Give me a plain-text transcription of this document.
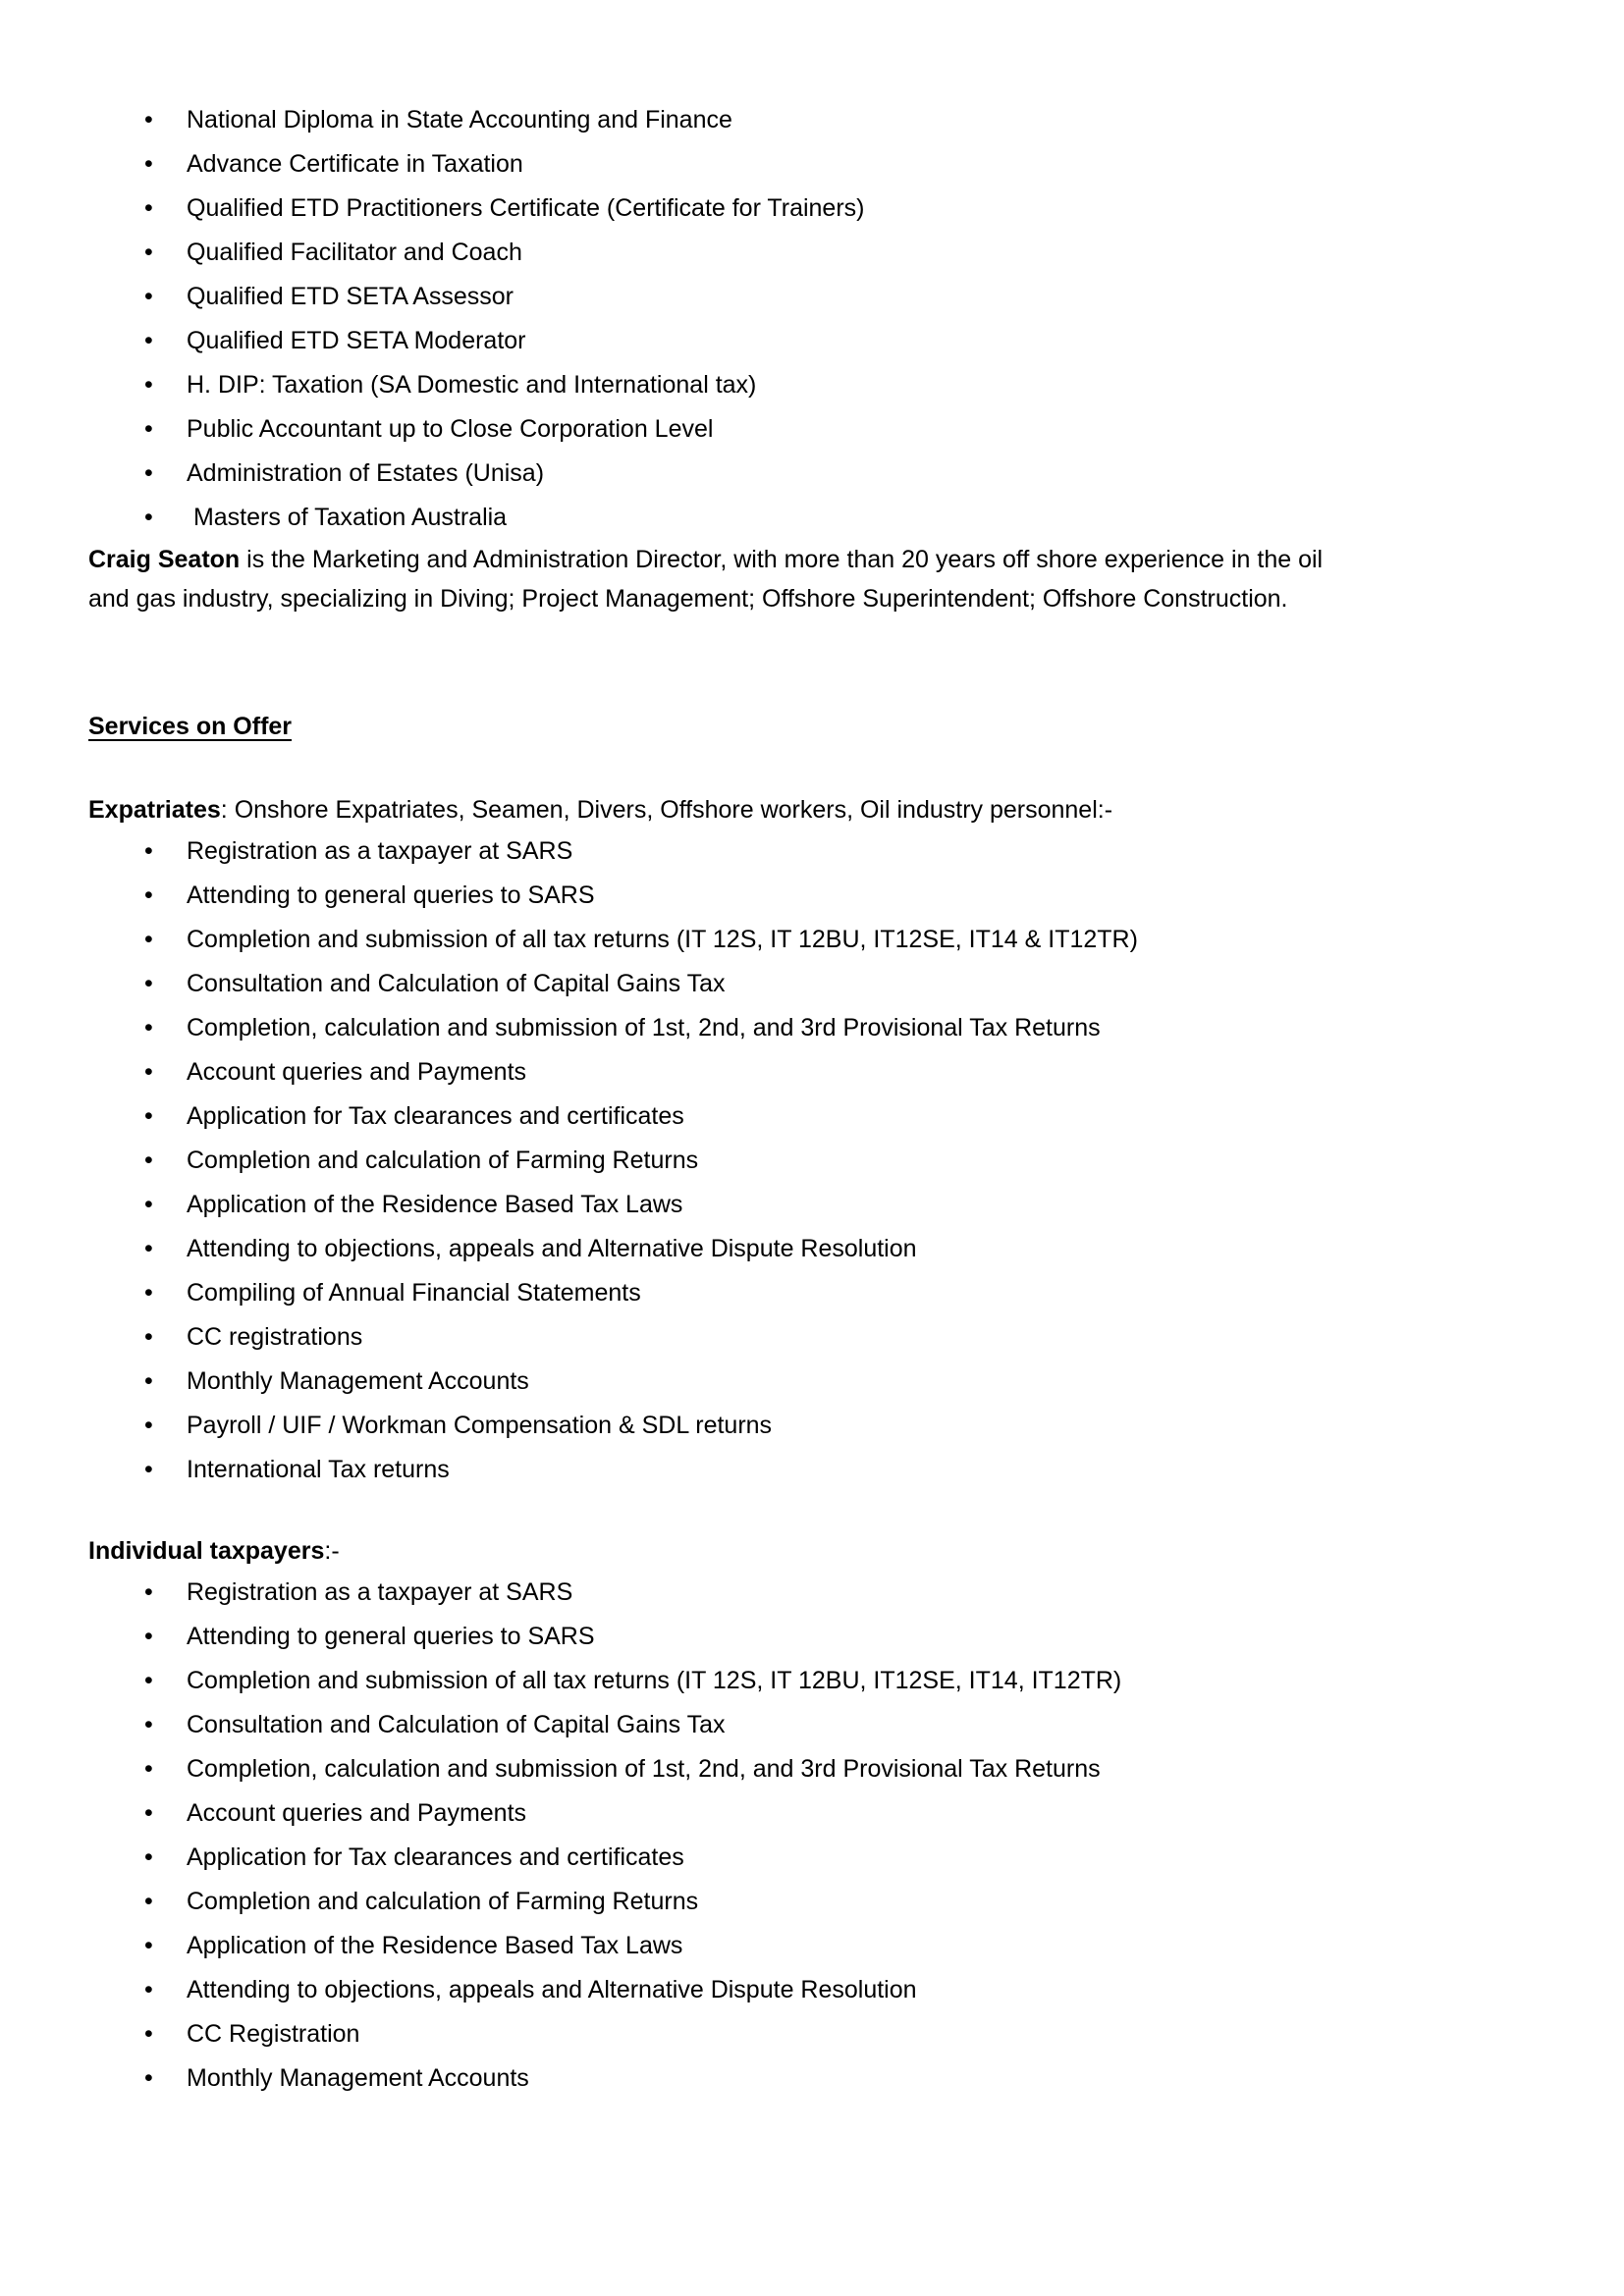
• National Diploma in State Accounting and Finance
• Advance Certificate in Taxation
• Qualified ETD Practitioners Certificate (Certificate for Trainers)
• Qualified Facilitator and Coach
• Qualified ETD SETA Assessor
• Qualified ETD SETA Moderator
• H. DIP: Taxation (SA Domestic and International tax)
• Public Accountant up to Close Corporation Level
• Administration of Estates (Unisa)
•  Masters of Taxation Australia
Craig Seaton is the Marketing and Administration Director, with more than 20 years off shore experience in the oil
and gas industry, specializing in Diving; Project Management; Offshore Superintendent; Offshore Construction.
Services on Offer
Expatriates: Onshore Expatriates, Seamen, Divers, Offshore workers, Oil industry personnel:-
• Registration as a taxpayer at SARS
• Attending to general queries to SARS
• Completion and submission of all tax returns (IT 12S, IT 12BU, IT12SE, IT14 & IT12TR)
• Consultation and Calculation of Capital Gains Tax
• Completion, calculation and submission of 1st, 2nd, and 3rd Provisional Tax Returns
• Account queries and Payments
• Application for Tax clearances and certificates
• Completion and calculation of Farming Returns
• Application of the Residence Based Tax Laws
• Attending to objections, appeals and Alternative Dispute Resolution
• Compiling of Annual Financial Statements
• CC registrations
• Monthly Management Accounts
• Payroll / UIF / Workman Compensation & SDL returns
• International Tax returns
Individual taxpayers:-
• Registration as a taxpayer at SARS
• Attending to general queries to SARS
• Completion and submission of all tax returns (IT 12S, IT 12BU, IT12SE, IT14, IT12TR)
• Consultation and Calculation of Capital Gains Tax
• Completion, calculation and submission of 1st, 2nd, and 3rd Provisional Tax Returns
• Account queries and Payments
• Application for Tax clearances and certificates
• Completion and calculation of Farming Returns
• Application of the Residence Based Tax Laws
• Attending to objections, appeals and Alternative Dispute Resolution
• CC Registration
• Monthly Management Accounts
